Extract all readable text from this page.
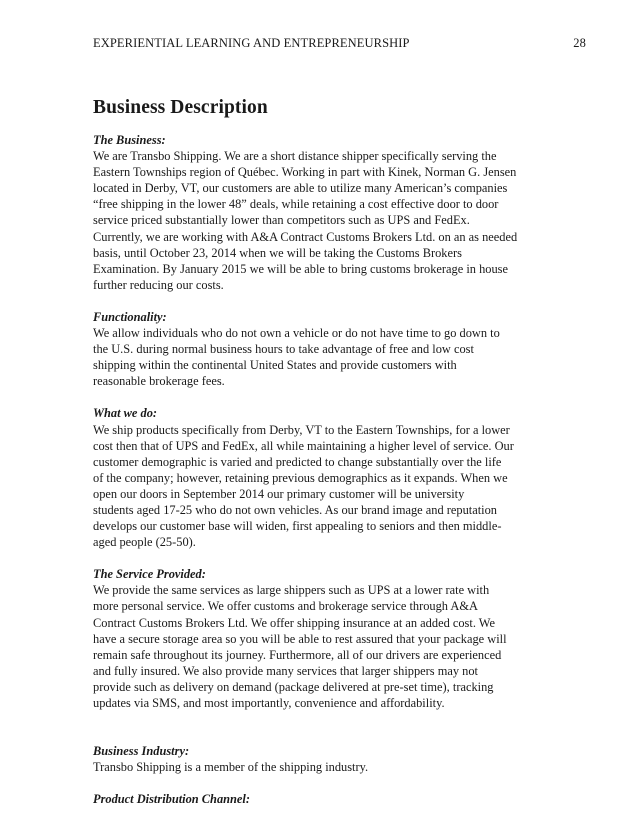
EXPERIENTIAL LEARNING AND ENTREPRENEURSHIP	28
Business Description
The Business:

We are Transbo Shipping. We are a short distance shipper specifically serving the
Eastern Townships region of Québec. Working in part with Kinek, Norman G. Jensen
located in Derby, VT, our customers are able to utilize many American’s companies
“free shipping in the lower 48” deals, while retaining a cost effective door to door
service priced substantially lower than competitors such as UPS and FedEx.
Currently, we are working with A&A Contract Customs Brokers Ltd. on an as needed
basis, until October 23, 2014 when we will be taking the Customs Brokers
Examination. By January 2015 we will be able to bring customs brokerage in house
further reducing our costs.

Functionality:

We allow individuals who do not own a vehicle or do not have time to go down to
the U.S. during normal business hours to take advantage of free and low cost
shipping within the continental United States and provide customers with
reasonable brokerage fees.

What we do:

We ship products specifically from Derby, VT to the Eastern Townships, for a lower
cost then that of UPS and FedEx, all while maintaining a higher level of service. Our
customer demographic is varied and predicted to change substantially over the life
of the company; however, retaining previous demographics as it expands. When we
open our doors in September 2014 our primary customer will be university
students aged 17-25 who do not own vehicles. As our brand image and reputation
develops our customer base will widen, first appealing to seniors and then middle-
aged people (25-50).

The Service Provided:

We provide the same services as large shippers such as UPS at a lower rate with
more personal service. We offer customs and brokerage service through A&A
Contract Customs Brokers Ltd. We offer shipping insurance at an added cost. We
have a secure storage area so you will be able to rest assured that your package will
remain safe throughout its journey. Furthermore, all of our drivers are experienced
and fully insured. We also provide many services that larger shippers may not
provide such as delivery on demand (package delivered at pre-set time), tracking
updates via SMS, and most importantly, convenience and affordability.

Business Industry:

Transbo Shipping is a member of the shipping industry.

Product Distribution Channel:
